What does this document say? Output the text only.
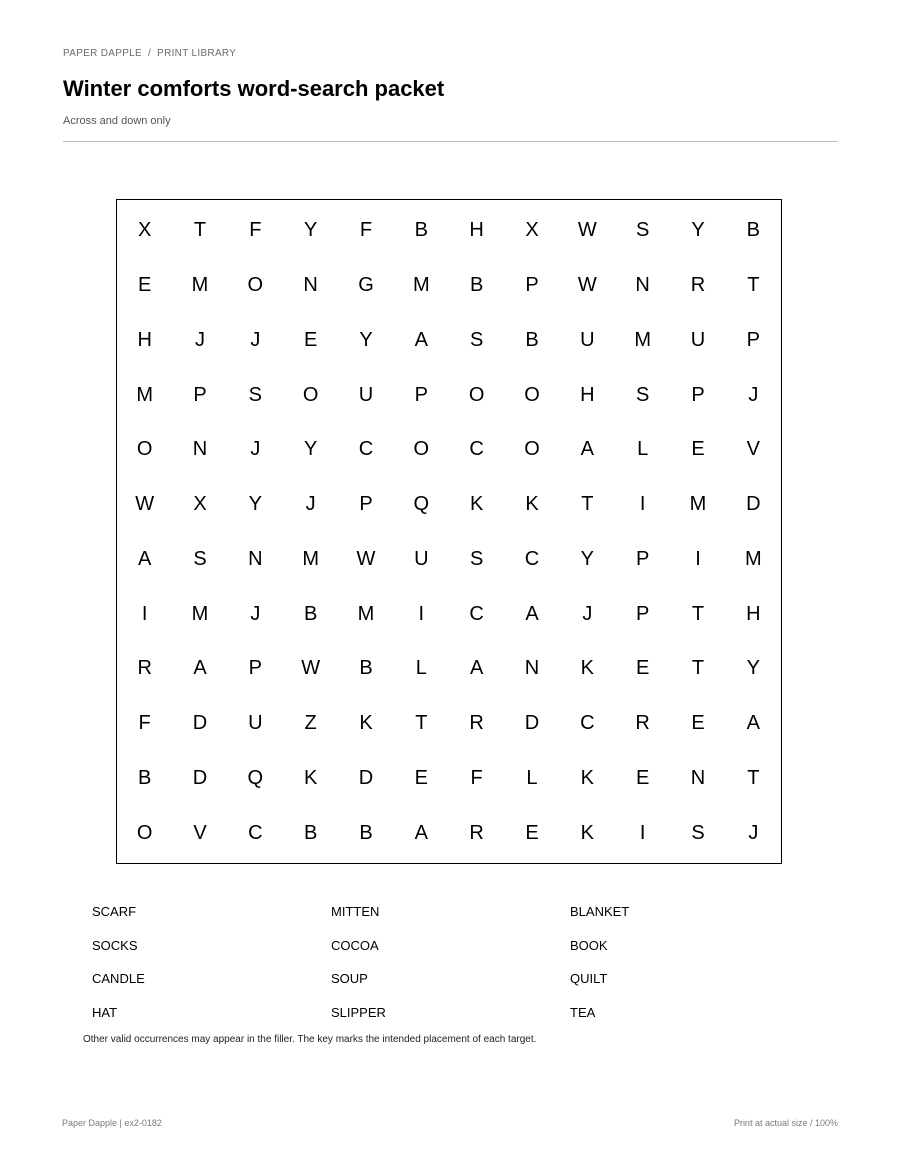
PAPER DAPPLE / PRINT LIBRARY
Winter comforts word-search packet
Across and down only
X	T	F	Y	F	B	H	X	W	S	Y	B
E	M	O	N	G	M	B	P	W	N	R	T
H	J	J	E	Y	A	S	B	U	M	U	P
M	P	S	O	U	P	O	O	H	S	P	J
O	N	J	Y	C	O	C	O	A	L	E	V
W	X	Y	J	P	Q	K	K	T	I	M	D
A	S	N	M	W	U	S	C	Y	P	I	M
I	M	J	B	M	I	C	A	J	P	T	H
R	A	P	W	B	L	A	N	K	E	T	Y
F	D	U	Z	K	T	R	D	C	R	E	A
B	D	Q	K	D	E	F	L	K	E	N	T
O	V	C	B	B	A	R	E	K	I	S	J
SCARF	MITTEN	BLANKET
SOCKS	COCOA	BOOK
CANDLE	SOUP	QUILT
HAT	SLIPPER	TEA
Other valid occurrences may appear in the filler. The key marks the intended placement of each target.
Paper Dapple | ex2-0182	Print at actual size / 100%
